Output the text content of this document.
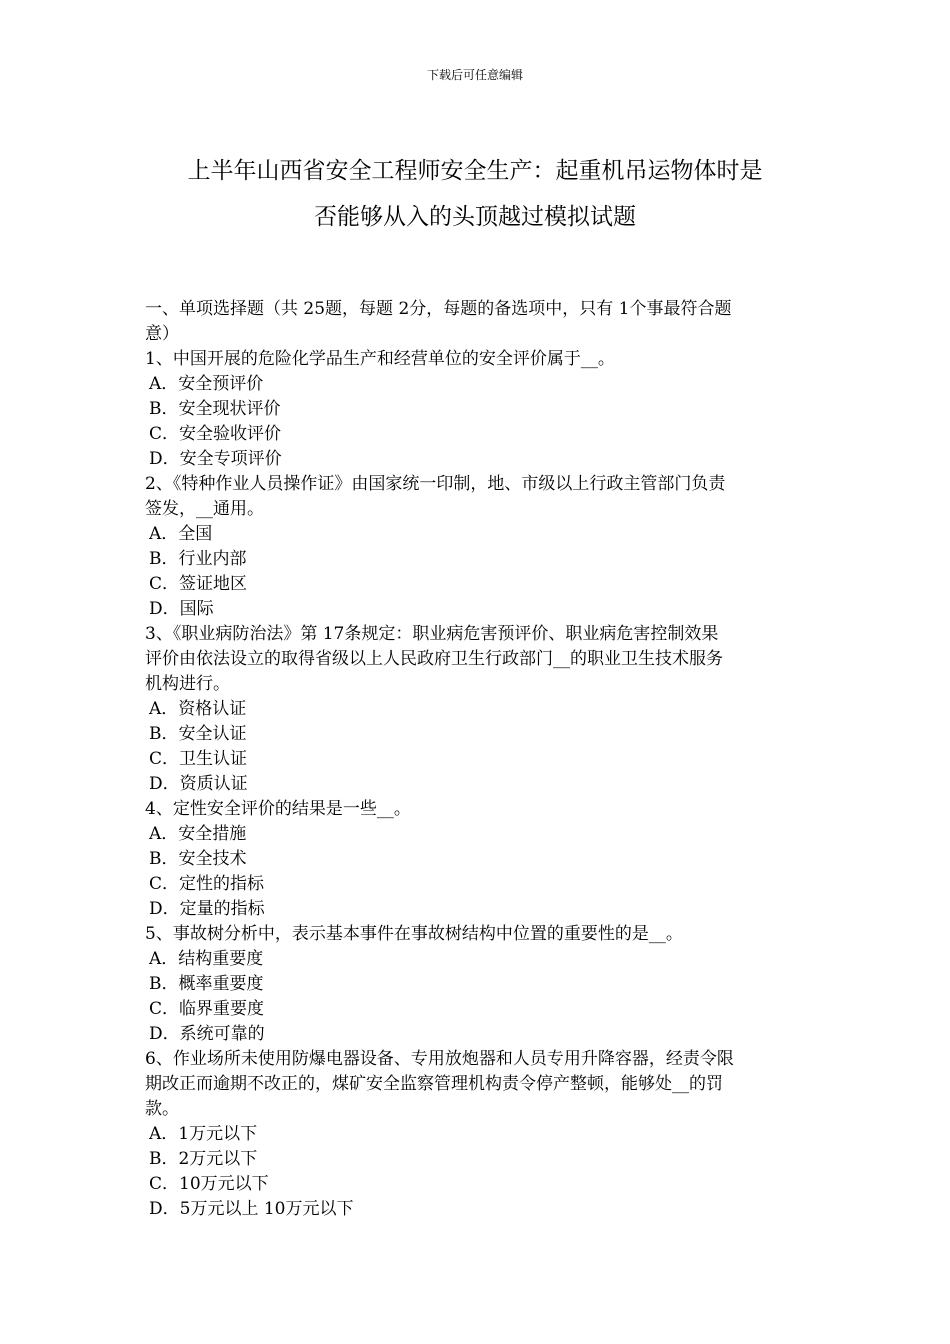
下载后可任意编辑
上半年山西省安全工程师安全生产：起重机吊运物体时是
否能够从入的头顶越过模拟试题
一、单项选择题（共 25题，每题 2分，每题的备选项中，只有 1个事最符合题
意）
1、中国开展的危险化学品生产和经营单位的安全评价属于__。
A．安全预评价
B．安全现状评价
C．安全验收评价
D．安全专项评价
2、《特种作业人员操作证》由国家统一印制，地、市级以上行政主管部门负责
签发，__通用。
A．全国
B．行业内部
C．签证地区
D．国际
3、《职业病防治法》第 17条规定：职业病危害预评价、职业病危害控制效果
评价由依法设立的取得省级以上人民政府卫生行政部门__的职业卫生技术服务
机构进行。
A．资格认证
B．安全认证
C．卫生认证
D．资质认证
4、定性安全评价的结果是一些__。
A．安全措施
B．安全技术
C．定性的指标
D．定量的指标
5、事故树分析中，表示基本事件在事故树结构中位置的重要性的是__。
A．结构重要度
B．概率重要度
C．临界重要度
D．系统可靠的
6、作业场所未使用防爆电器设备、专用放炮器和人员专用升降容器，经责令限
期改正而逾期不改正的，煤矿安全监察管理机构责令停产整顿，能够处__的罚
款。
A．1万元以下
B．2万元以下
C．10万元以下
D．5万元以上 10万元以下
